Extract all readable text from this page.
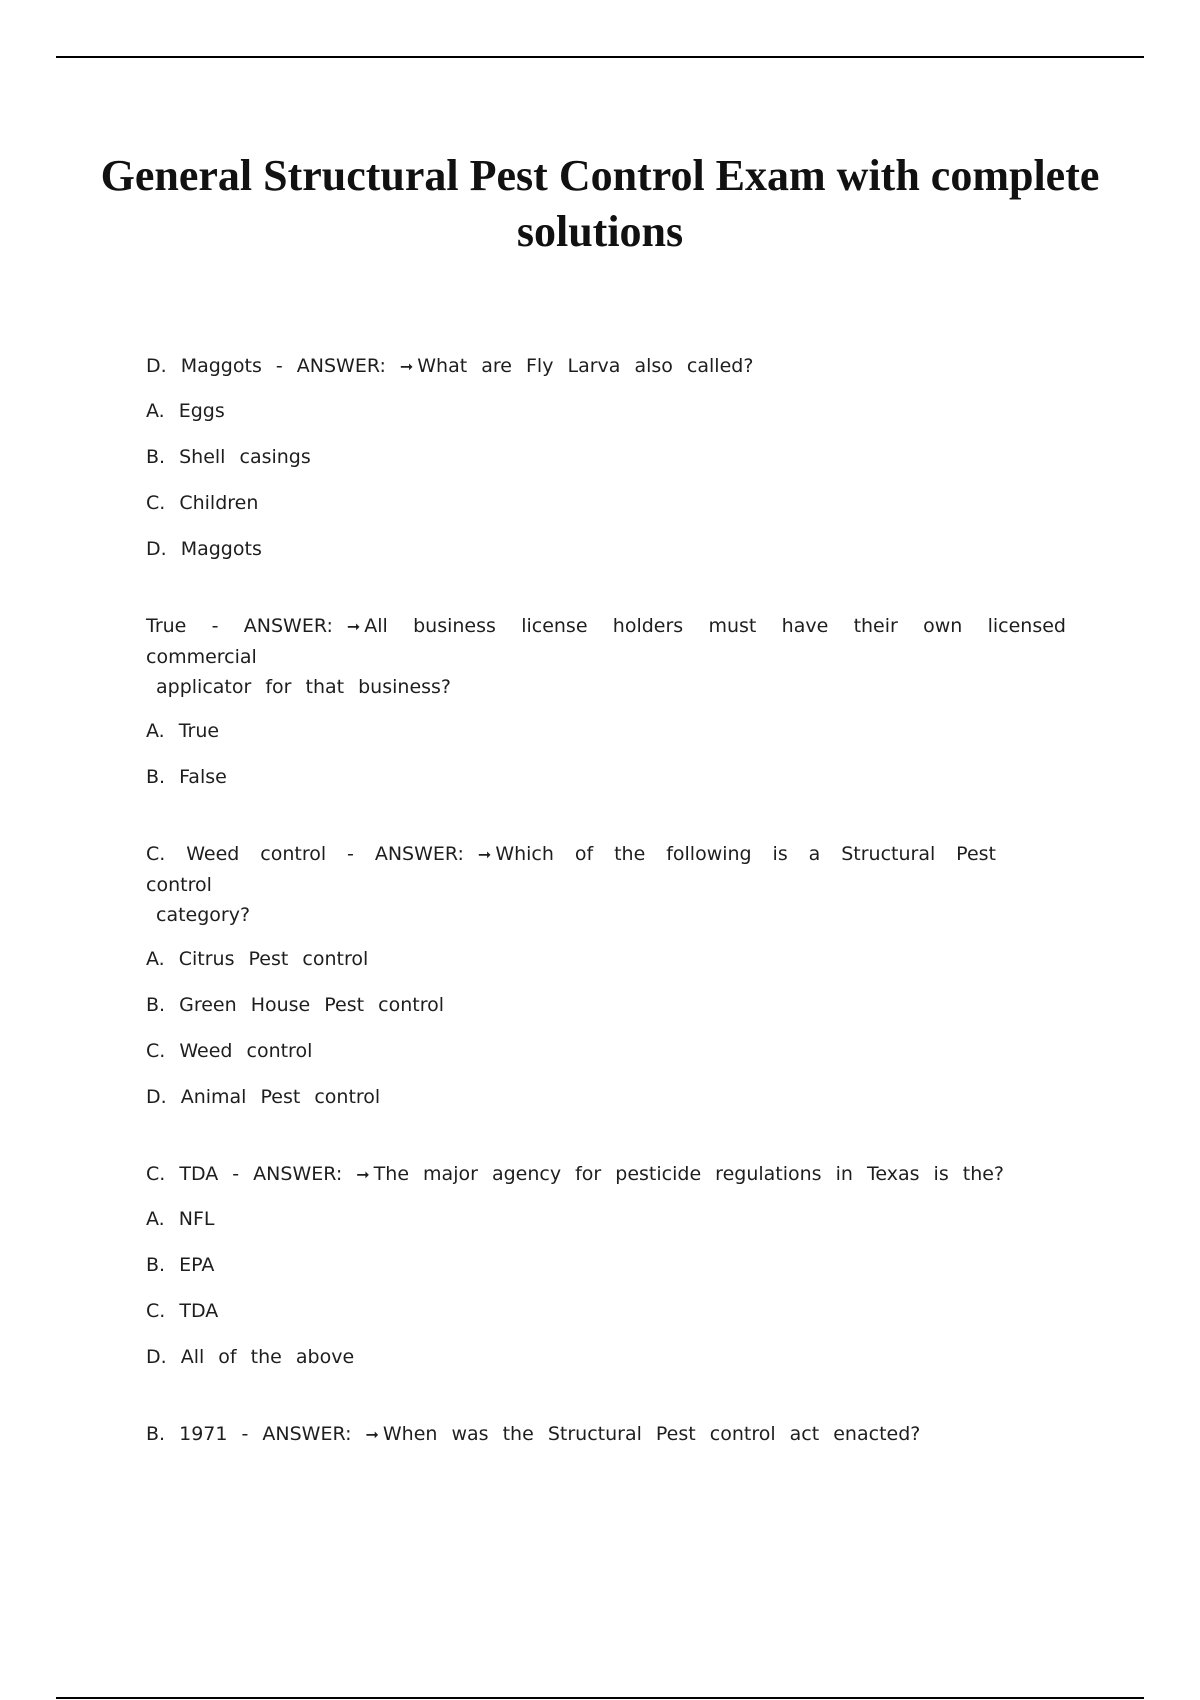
General Structural Pest Control Exam with complete solutions

D. Maggots - ANSWER: ➞ What are Fly Larva also called?

A. Eggs

B. Shell casings

C. Children

D. Maggots

True - ANSWER: ➞ All business license holders must have their own licensed commercial
applicator for that business?

A. True

B. False

C. Weed control - ANSWER: ➞ Which of the following is a Structural Pest control
category?

A. Citrus Pest control

B. Green House Pest control

C. Weed control

D. Animal Pest control

C. TDA - ANSWER: ➞ The major agency for pesticide regulations in Texas is the?

A. NFL

B. EPA

C. TDA

D. All of the above

B. 1971 - ANSWER: ➞ When was the Structural Pest control act enacted?
